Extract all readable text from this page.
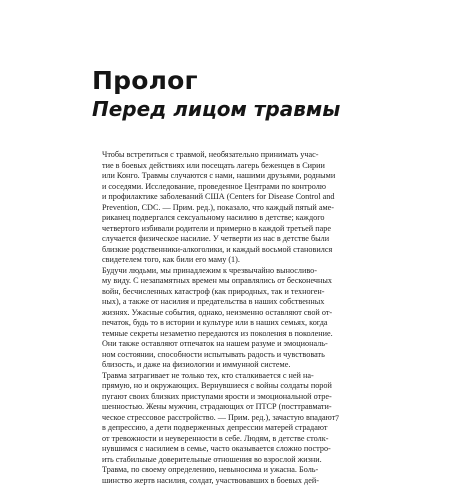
Пролог
Перед лицом травмы

Чтобы встретиться с травмой, необязательно принимать учас-
тие в боевых действиях или посещать лагерь беженцев в Сирии
или Конго. Травмы случаются с нами, нашими друзьями, родными
и соседями. Исследование, проведенное Центрами по контролю
и профилактике заболеваний США (Centers for Disease Control and
Prevention, CDC. — Прим. ред.), показало, что каждый пятый аме-
риканец подвергался сексуальному насилию в детстве; каждого
четвертого избивали родители и примерно в каждой третьей паре
случается физическое насилие. У четверти из нас в детстве были
близкие родственники-алкоголики, и каждый восьмой становился
свидетелем того, как били его маму (1).

Будучи людьми, мы принадлежим к чрезвычайно выносливо-
му виду. С незапамятных времен мы оправлялись от бесконечных
войн, бесчисленных катастроф (как природных, так и техноген-
ных), а также от насилия и предательства в наших собственных
жизнях. Ужасные события, однако, неизменно оставляют свой от-
печаток, будь то в истории и культуре или в наших семьях, когда
темные секреты незаметно передаются из поколения в поколение.
Они также оставляют отпечаток на нашем разуме и эмоциональ-
ном состоянии, способности испытывать радость и чувствовать
близость, и даже на физиологии и иммунной системе.

Травма затрагивает не только тех, кто сталкивается с ней на-
прямую, но и окружающих. Вернувшиеся с войны солдаты порой
пугают своих близких приступами ярости и эмоциональной отре-
шенностью. Жены мужчин, страдающих от ПТСР (посттравмати-
ческое стрессовое расстройство. — Прим. ред.), зачастую впадают
в депрессию, а дети подверженных депрессии матерей страдают
от тревожности и неуверенности в себе. Людям, в детстве столк-
нувшимся с насилием в семье, часто оказывается сложно постро-
ить стабильные доверительные отношения во взрослой жизни.
Травма, по своему определению, невыносима и ужасна. Боль-
шинство жертв насилия, солдат, участвовавших в боевых дей-

7
